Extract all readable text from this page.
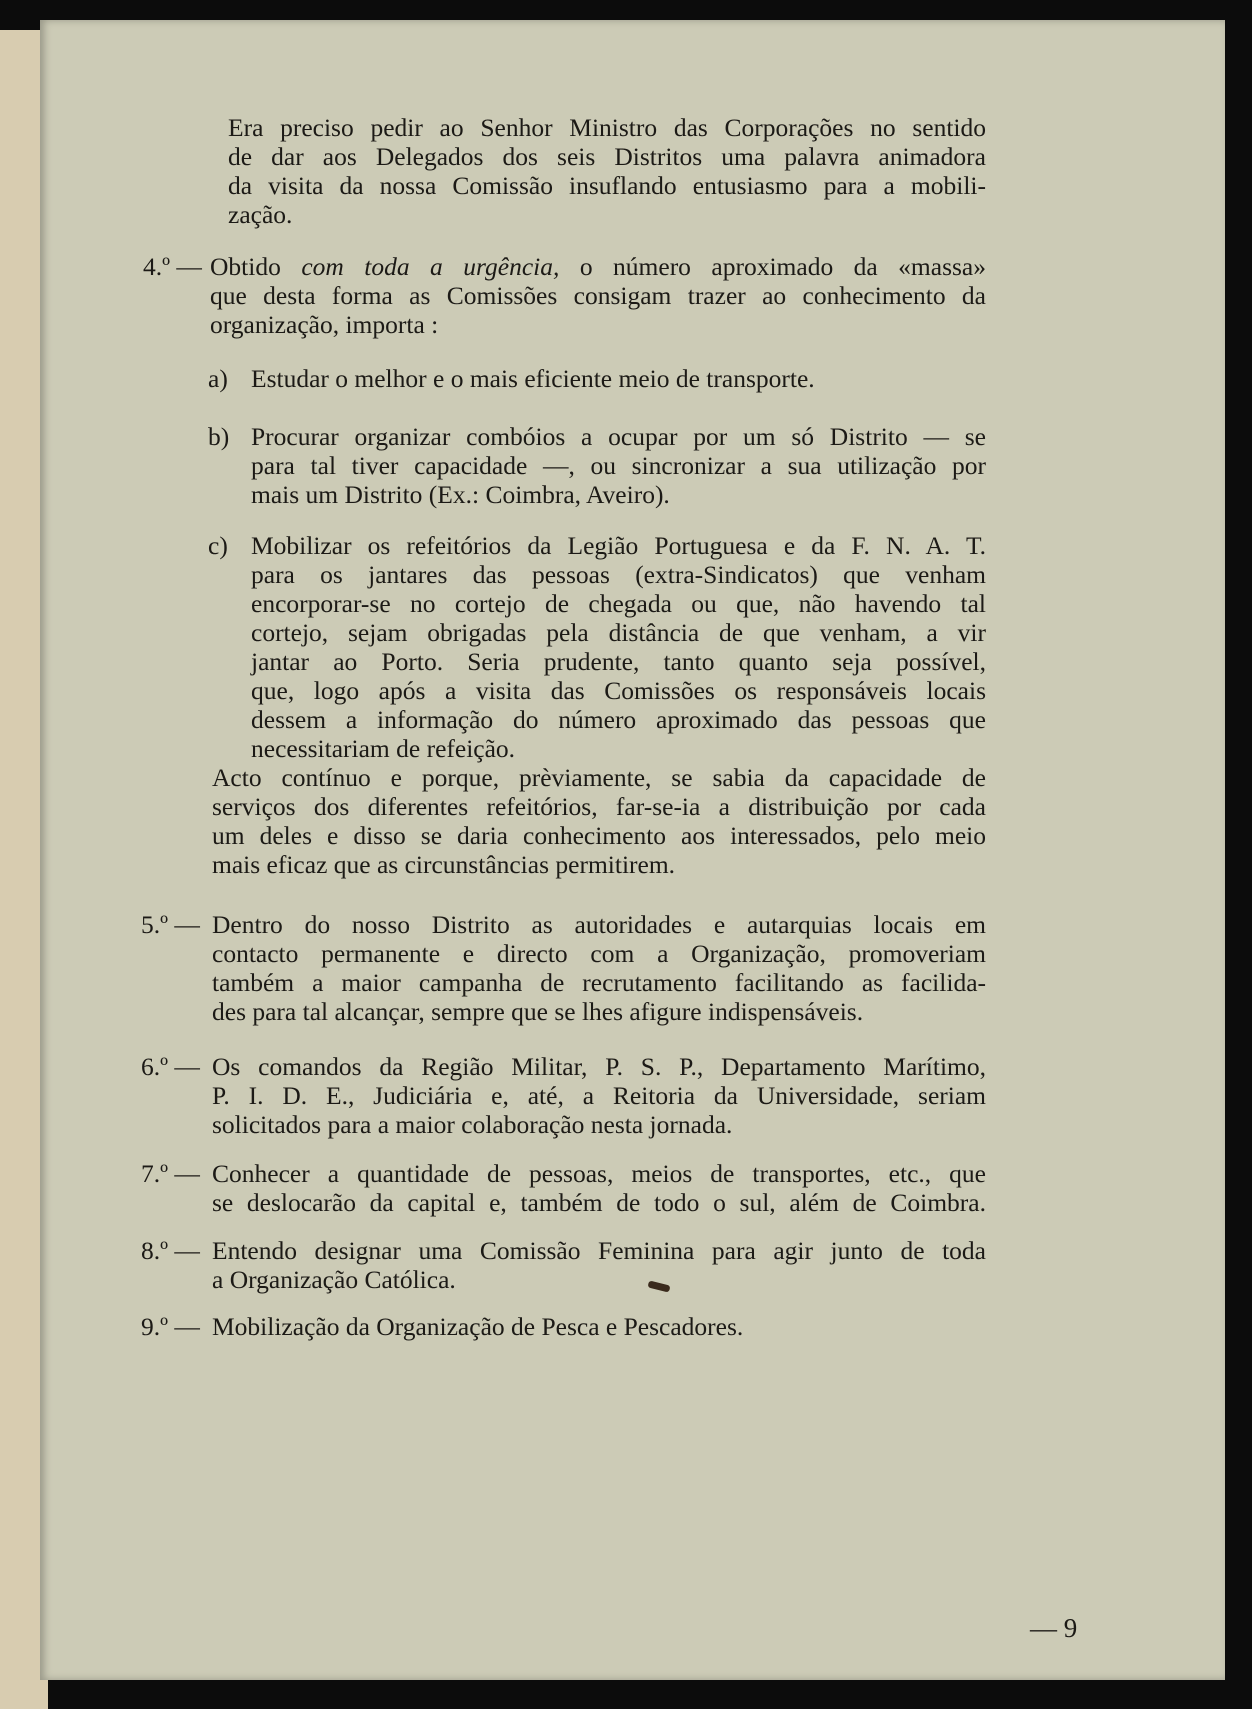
Era preciso pedir ao Senhor Ministro das Corporações no sentido
de dar aos Delegados dos seis Distritos uma palavra animadora
da visita da nossa Comissão insuflando entusiasmo para a mobili-
zação.
4.º — Obtido com toda a urgência, o número aproximado da «massa»
que desta forma as Comissões consigam trazer ao conhecimento da
organização, importa :
a) Estudar o melhor e o mais eficiente meio de transporte.
b) Procurar organizar combóios a ocupar por um só Distrito — se
para tal tiver capacidade —, ou sincronizar a sua utilização por
mais um Distrito (Ex.: Coimbra, Aveiro).
c) Mobilizar os refeitórios da Legião Portuguesa e da F. N. A. T.
para os jantares das pessoas (extra-Sindicatos) que venham
encorporar-se no cortejo de chegada ou que, não havendo tal
cortejo, sejam obrigadas pela distância de que venham, a vir
jantar ao Porto. Seria prudente, tanto quanto seja possível,
que, logo após a visita das Comissões os responsáveis locais
dessem a informação do número aproximado das pessoas que
necessitariam de refeição.
Acto contínuo e porque, prèviamente, se sabia da capacidade de
serviços dos diferentes refeitórios, far-se-ia a distribuição por cada
um deles e disso se daria conhecimento aos interessados, pelo meio
mais eficaz que as circunstâncias permitirem.
5.º — Dentro do nosso Distrito as autoridades e autarquias locais em
contacto permanente e directo com a Organização, promoveriam
também a maior campanha de recrutamento facilitando as facilida-
des para tal alcançar, sempre que se lhes afigure indispensáveis.
6.º — Os comandos da Região Militar, P. S. P., Departamento Marítimo,
P. I. D. E., Judiciária e, até, a Reitoria da Universidade, seriam
solicitados para a maior colaboração nesta jornada.
7.º — Conhecer a quantidade de pessoas, meios de transportes, etc., que
se deslocarão da capital e, também de todo o sul, além de Coimbra.
8.º — Entendo designar uma Comissão Feminina para agir junto de toda
a Organização Católica.
9.º — Mobilização da Organização de Pesca e Pescadores.
— 9
